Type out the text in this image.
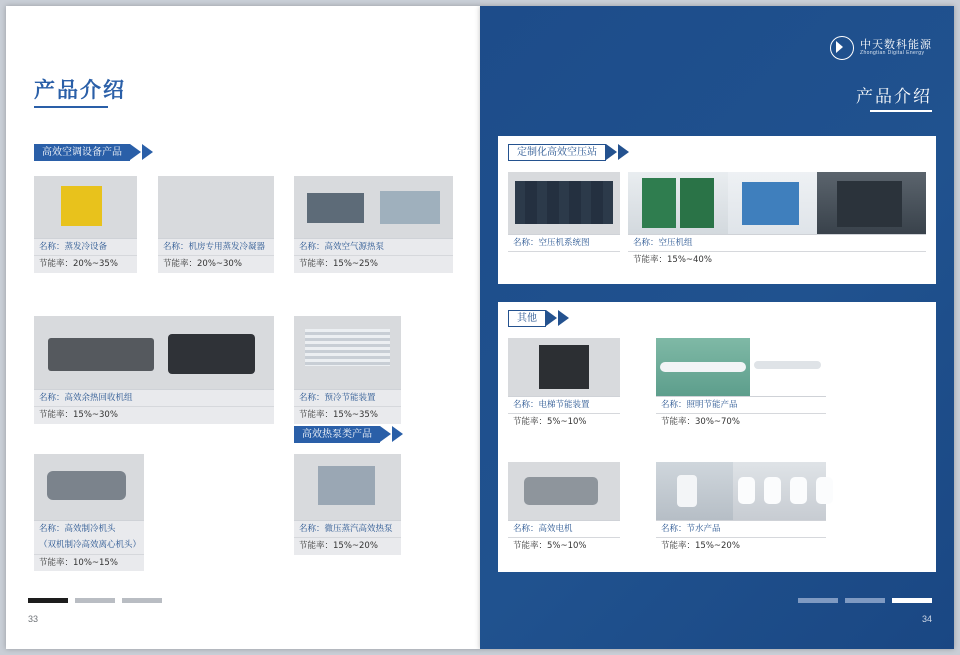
产品介绍
高效空调设备产品
名称：蒸发冷设备
节能率：20%~35%
名称：机房专用蒸发冷凝器
节能率：20%~30%
名称：高效空气源热泵
节能率：15%~25%
名称：高效余热回收机组
节能率：15%~30%
名称：预冷节能装置
节能率：15%~35%
高效热泵类产品
名称：高效制冷机头
（双机制冷高效离心机头）
节能率：10%~15%
名称：微压蒸汽高效热泵
节能率：15%~20%
33
中天数科能源
Zhongtian Digital Energy
产品介绍
定制化高效空压站
名称：空压机系统图	名称：空压机组
节能率：15%~40%
其他
名称：电梯节能装置
节能率：5%~10%
名称：照明节能产品
节能率：30%~70%
名称：高效电机
节能率：5%~10%
名称：节水产品
节能率：15%~20%
34
